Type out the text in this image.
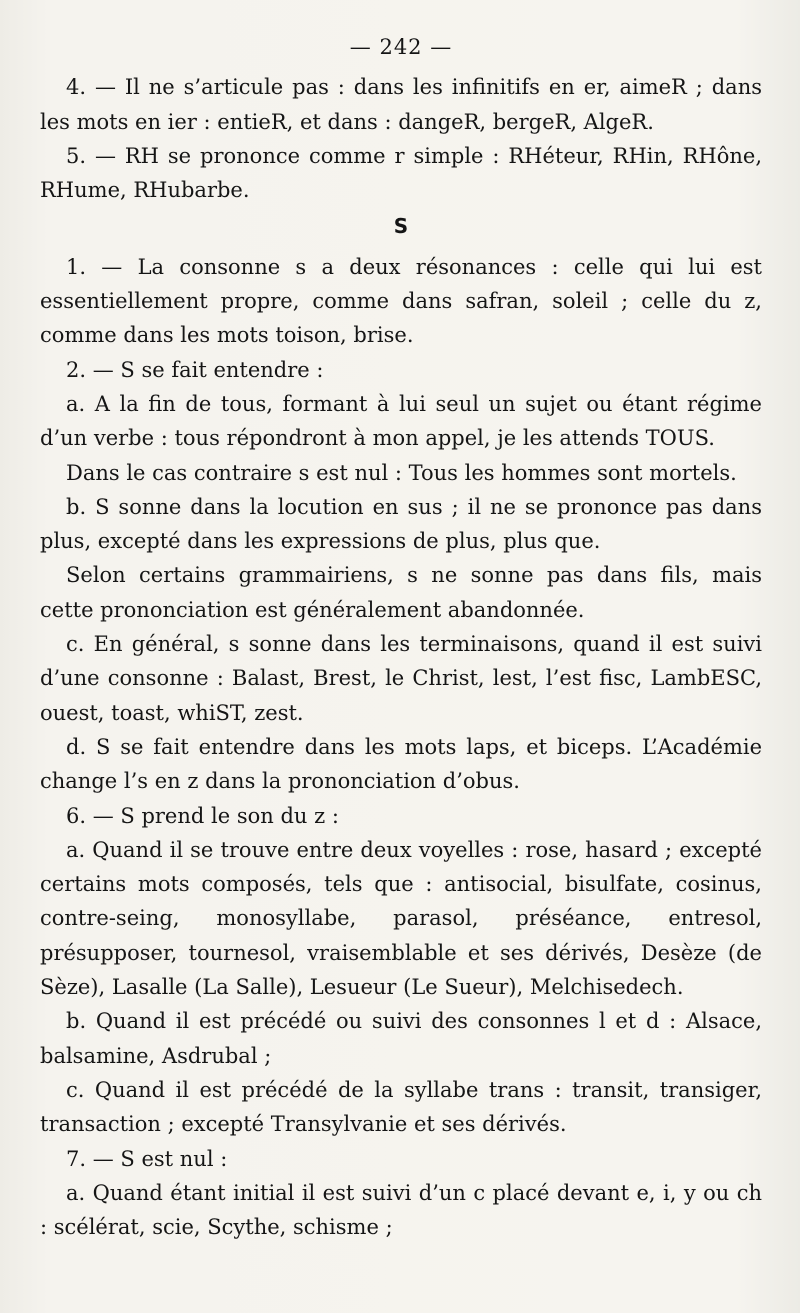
— 242 —

4. — Il ne s’articule pas : dans les infinitifs en er, aimeR ; dans les mots en ier : entieR, et dans : dangeR, bergeR, AlgeR.

5. — RH se prononce comme r simple : RHéteur, RHin, RHône, RHume, RHubarbe.

S

1. — La consonne s a deux résonances : celle qui lui est essentiellement propre, comme dans safran, soleil ; celle du z, comme dans les mots toison, brise.

2. — S se fait entendre :

a. A la fin de tous, formant à lui seul un sujet ou étant régime d’un verbe : tous répondront à mon appel, je les attends TOUS.

Dans le cas contraire s est nul : Tous les hommes sont mortels.

b. S sonne dans la locution en sus ; il ne se prononce pas dans plus, excepté dans les expressions de plus, plus que.

Selon certains grammairiens, s ne sonne pas dans fils, mais cette prononciation est généralement abandonnée.

c. En général, s sonne dans les terminaisons, quand il est suivi d’une consonne : Balast, Brest, le Christ, lest, l’est fisc, LambESC, ouest, toast, whiST, zest.

d. S se fait entendre dans les mots laps, et biceps. L’Académie change l’s en z dans la prononciation d’obus.

6. — S prend le son du z :

a. Quand il se trouve entre deux voyelles : rose, hasard ; excepté certains mots composés, tels que : antisocial, bisulfate, cosinus, contre-seing, monosyllabe, parasol, préséance, entresol, présupposer, tournesol, vraisemblable et ses dérivés, Desèze (de Sèze), Lasalle (La Salle), Lesueur (Le Sueur), Melchisedech.

b. Quand il est précédé ou suivi des consonnes l et d : Alsace, balsamine, Asdrubal ;

c. Quand il est précédé de la syllabe trans : transit, transiger, transaction ; excepté Transylvanie et ses dérivés.

7. — S est nul :

a. Quand étant initial il est suivi d’un c placé devant e, i, y ou ch : scélérat, scie, Scythe, schisme ;
